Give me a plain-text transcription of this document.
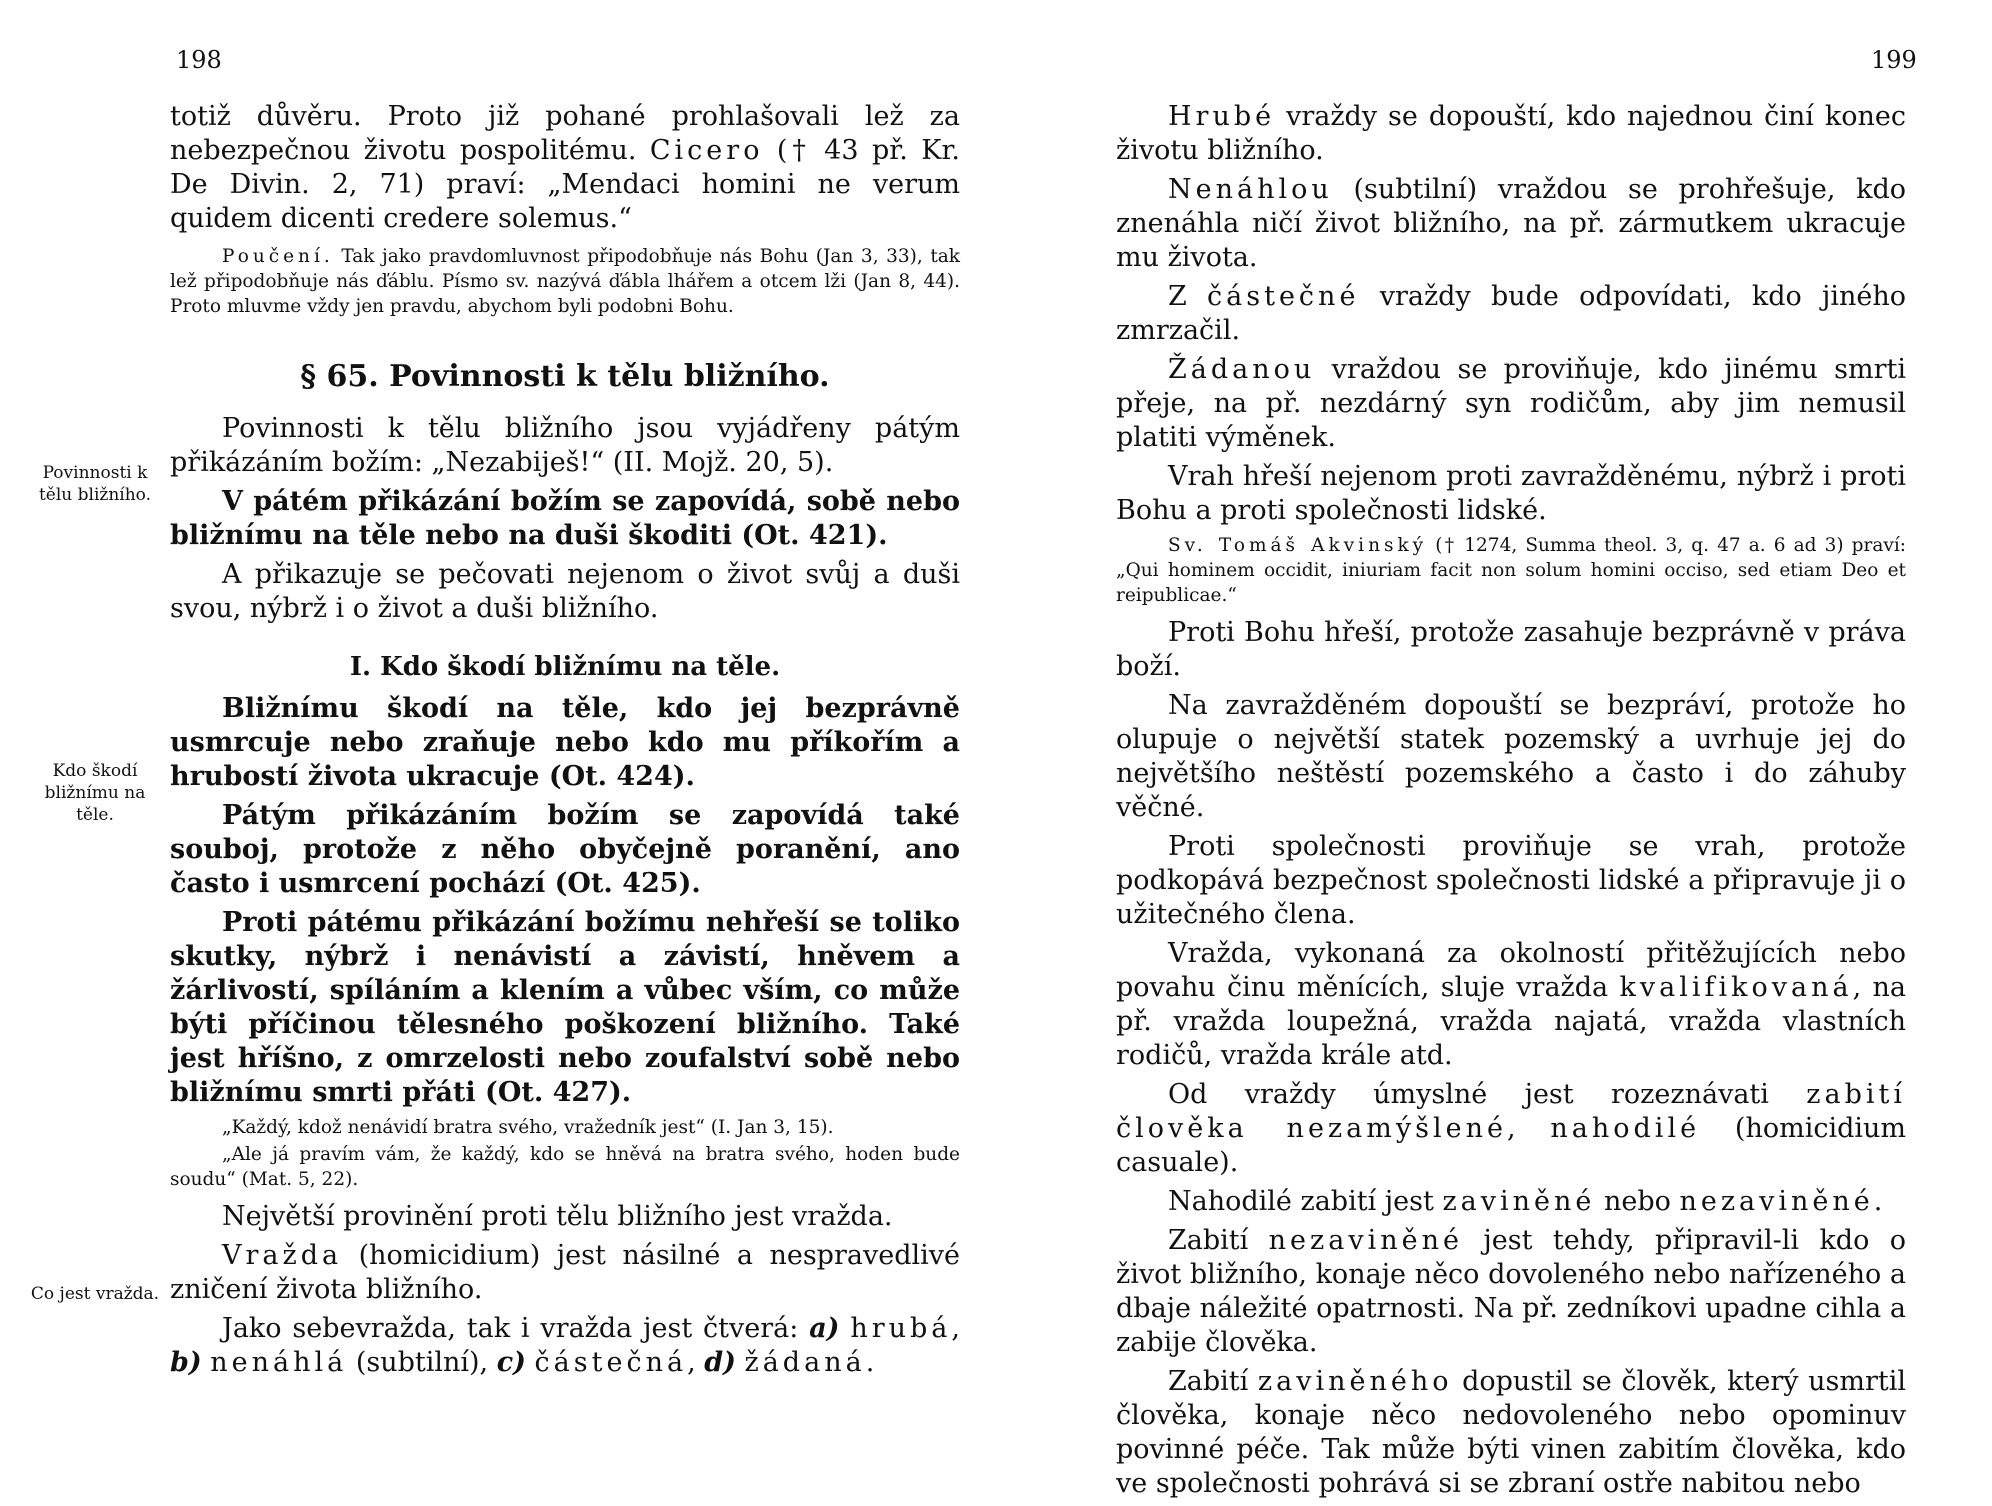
198
Povinnosti k tělu bližního.
Kdo škodí bližnímu na těle.
Co jest vražda.

totiž důvěru. Proto již pohané prohlašovali lež za nebezpečnou životu pospolitému. Cicero († 43 př. Kr. De Divin. 2, 71) praví: „Mendaci homini ne verum quidem dicenti credere solemus.“

Poučení. Tak jako pravdomluvnost připodobňuje nás Bohu (Jan 3, 33), tak lež připodobňuje nás ďáblu. Písmo sv. nazývá ďábla lhářem a otcem lži (Jan 8, 44). Proto mluvme vždy jen pravdu, abychom byli podobni Bohu.

§ 65. Povinnosti k tělu bližního.

Povinnosti k tělu bližního jsou vyjádřeny pátým přikázáním božím: „Nezabiješ!“ (II. Mojž. 20, 5).

V pátém přikázání božím se zapovídá, sobě nebo bližnímu na těle nebo na duši škoditi (Ot. 421).

A přikazuje se pečovati nejenom o život svůj a duši svou, nýbrž i o život a duši bližního.

I. Kdo škodí bližnímu na těle.

Bližnímu škodí na těle, kdo jej bezprávně usmrcuje nebo zraňuje nebo kdo mu příkořím a hrubostí života ukracuje (Ot. 424).

Pátým přikázáním božím se zapovídá také souboj, protože z něho obyčejně poranění, ano často i usmrcení pochází (Ot. 425).

Proti pátému přikázání božímu nehřeší se toliko skutky, nýbrž i nenávistí a závistí, hněvem a žárlivostí, spíláním a klením a vůbec vším, co může býti příčinou tělesného poškození bližního. Také jest hříšno, z omrzelosti nebo zoufalství sobě nebo bližnímu smrti přáti (Ot. 427).

„Každý, kdož nenávidí bratra svého, vražedník jest“ (I. Jan 3, 15).

„Ale já pravím vám, že každý, kdo se hněvá na bratra svého, hoden bude soudu“ (Mat. 5, 22).

Největší provinění proti tělu bližního jest vražda.

Vražda (homicidium) jest násilné a nespravedlivé zničení života bližního.

Jako sebevražda, tak i vražda jest čtverá: a) hrubá, b) nenáhlá (subtilní), c) částečná, d) žádaná.

199

Hrubé vraždy se dopouští, kdo najednou činí konec životu bližního.

Nenáhlou (subtilní) vraždou se prohřešuje, kdo znenáhla ničí život bližního, na př. zármutkem ukracuje mu života.

Z částečné vraždy bude odpovídati, kdo jiného zmrzačil.

Žádanou vraždou se proviňuje, kdo jinému smrti přeje, na př. nezdárný syn rodičům, aby jim nemusil platiti výměnek.

Vrah hřeší nejenom proti zavražděnému, nýbrž i proti Bohu a proti společnosti lidské.

Sv. Tomáš Akvinský († 1274, Summa theol. 3, q. 47 a. 6 ad 3) praví: „Qui hominem occidit, iniuriam facit non solum homini occiso, sed etiam Deo et reipublicae.“

Proti Bohu hřeší, protože zasahuje bezprávně v práva boží.

Na zavražděném dopouští se bezpráví, protože ho olupuje o největší statek pozemský a uvrhuje jej do největšího neštěstí pozemského a často i do záhuby věčné.

Proti společnosti proviňuje se vrah, protože podkopává bezpečnost společnosti lidské a připravuje ji o užitečného člena.

Vražda, vykonaná za okolností přitěžujících nebo povahu činu měnících, sluje vražda kvalifikovaná, na př. vražda loupežná, vražda najatá, vražda vlastních rodičů, vražda krále atd.

Od vraždy úmyslné jest rozeznávati zabití člověka nezamýšlené, nahodilé (homicidium casuale).

Nahodilé zabití jest zaviněné nebo nezaviněné.

Zabití nezaviněné jest tehdy, připravil-li kdo o život bližního, konaje něco dovoleného nebo nařízeného a dbaje náležité opatrnosti. Na př. zedníkovi upadne cihla a zabije člověka.

Zabití zaviněného dopustil se člověk, který usmrtil člověka, konaje něco nedovoleného nebo opominuv povinné péče. Tak může býti vinen zabitím člověka, kdo ve společnosti pohrává si se zbraní ostře nabitou nebo
